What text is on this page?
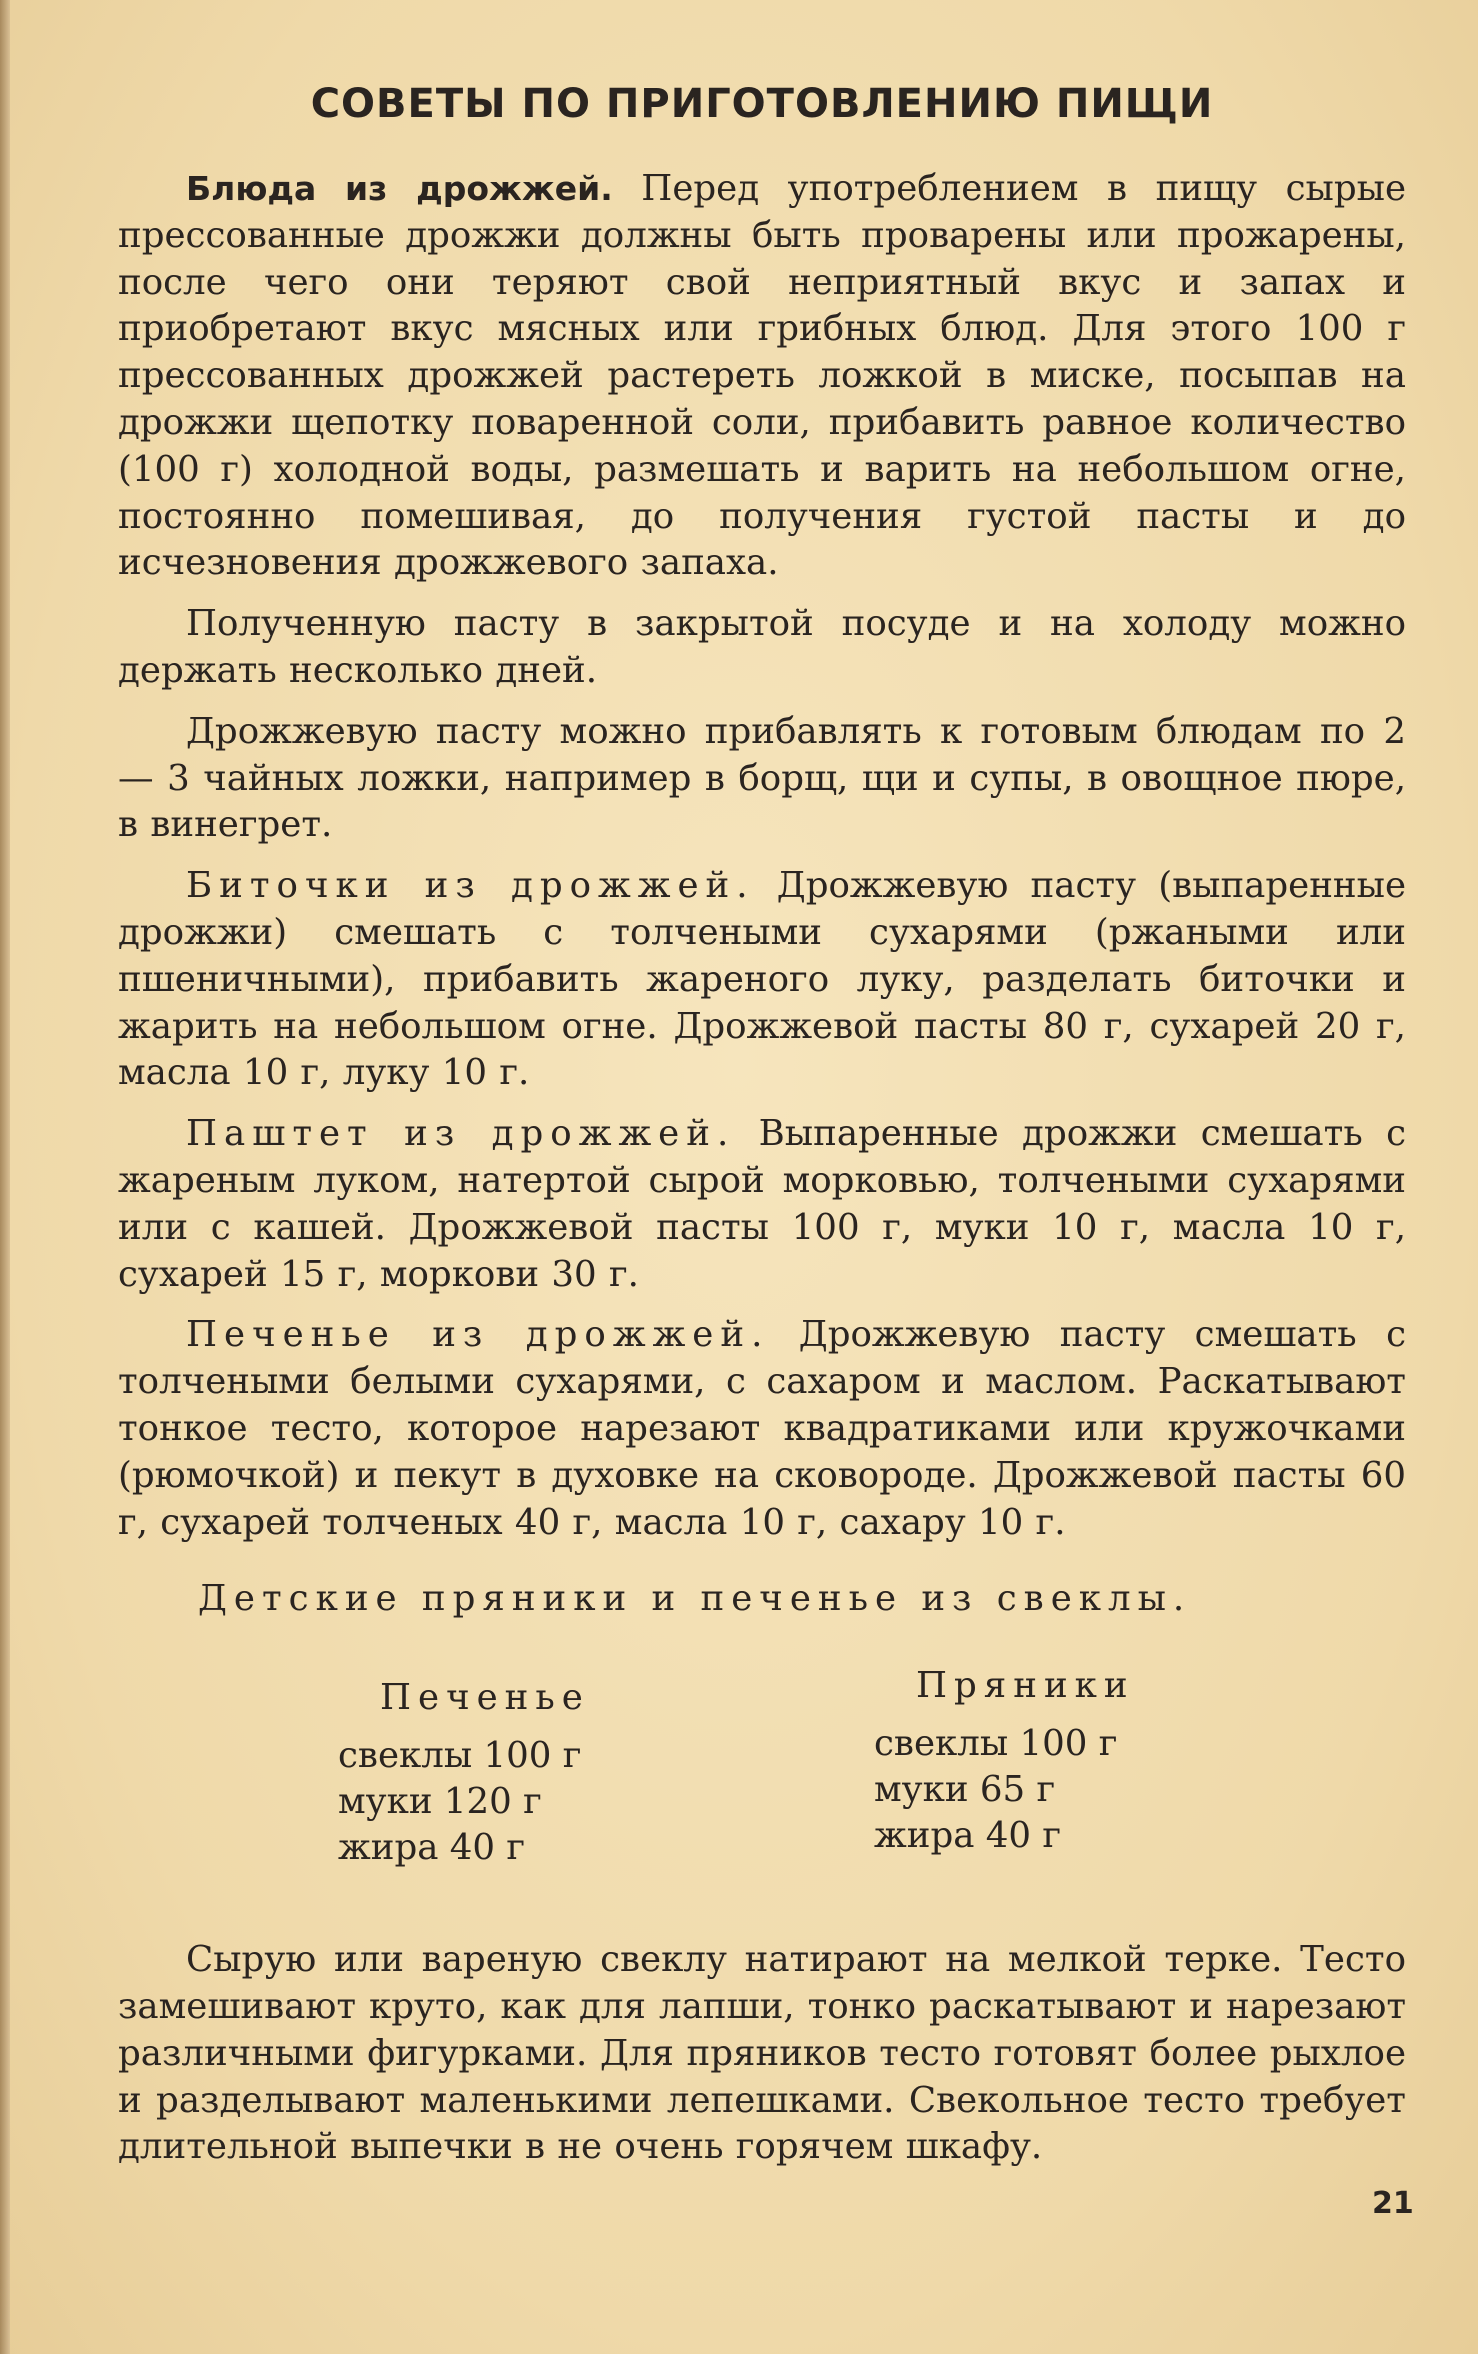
СОВЕТЫ ПО ПРИГОТОВЛЕНИЮ ПИЩИ

Блюда из дрожжей. Перед употреблением в пищу сырые прессованные дрожжи должны быть проварены или прожарены, после чего они теряют свой неприятный вкус и запах и приобретают вкус мясных или грибных блюд. Для этого 100 г прессованных дрожжей растереть ложкой в миске, посыпав на дрожжи щепотку поваренной соли, прибавить равное количество (100 г) холодной воды, размешать и варить на небольшом огне, постоянно помешивая, до получения густой пасты и до исчезновения дрожжевого запаха.

Полученную пасту в закрытой посуде и на холоду можно держать несколько дней.

Дрожжевую пасту можно прибавлять к готовым блюдам по 2 — 3 чайных ложки, например в борщ, щи и супы, в овощное пюре, в винегрет.

Биточки из дрожжей. Дрожжевую пасту (выпаренные дрожжи) смешать с толчеными сухарями (ржаными или пшеничными), прибавить жареного луку, разделать биточки и жарить на небольшом огне. Дрожжевой пасты 80 г, сухарей 20 г, масла 10 г, луку 10 г.

Паштет из дрожжей. Выпаренные дрожжи смешать с жареным луком, натертой сырой морковью, толчеными сухарями или с кашей. Дрожжевой пасты 100 г, муки 10 г, масла 10 г, сухарей 15 г, моркови 30 г.

Печенье из дрожжей. Дрожжевую пасту смешать с толчеными белыми сухарями, с сахаром и маслом. Раскатывают тонкое тесто, которое нарезают квадратиками или кружочками (рюмочкой) и пекут в духовке на сковороде. Дрожжевой пасты 60 г, сухарей толченых 40 г, масла 10 г, сахару 10 г.

Детские пряники и печенье из свеклы.
Печенье

свеклы 100 г

муки 120 г

жира 40 г

Пряники

свеклы 100 г

муки 65 г

жира 40 г

Сырую или вареную свеклу натирают на мелкой терке. Тесто замешивают круто, как для лапши, тонко раскатывают и нарезают различными фигурками. Для пряников тесто готовят более рыхлое и разделывают маленькими лепешками. Свекольное тесто требует длительной выпечки в не очень горячем шкафу.

21
